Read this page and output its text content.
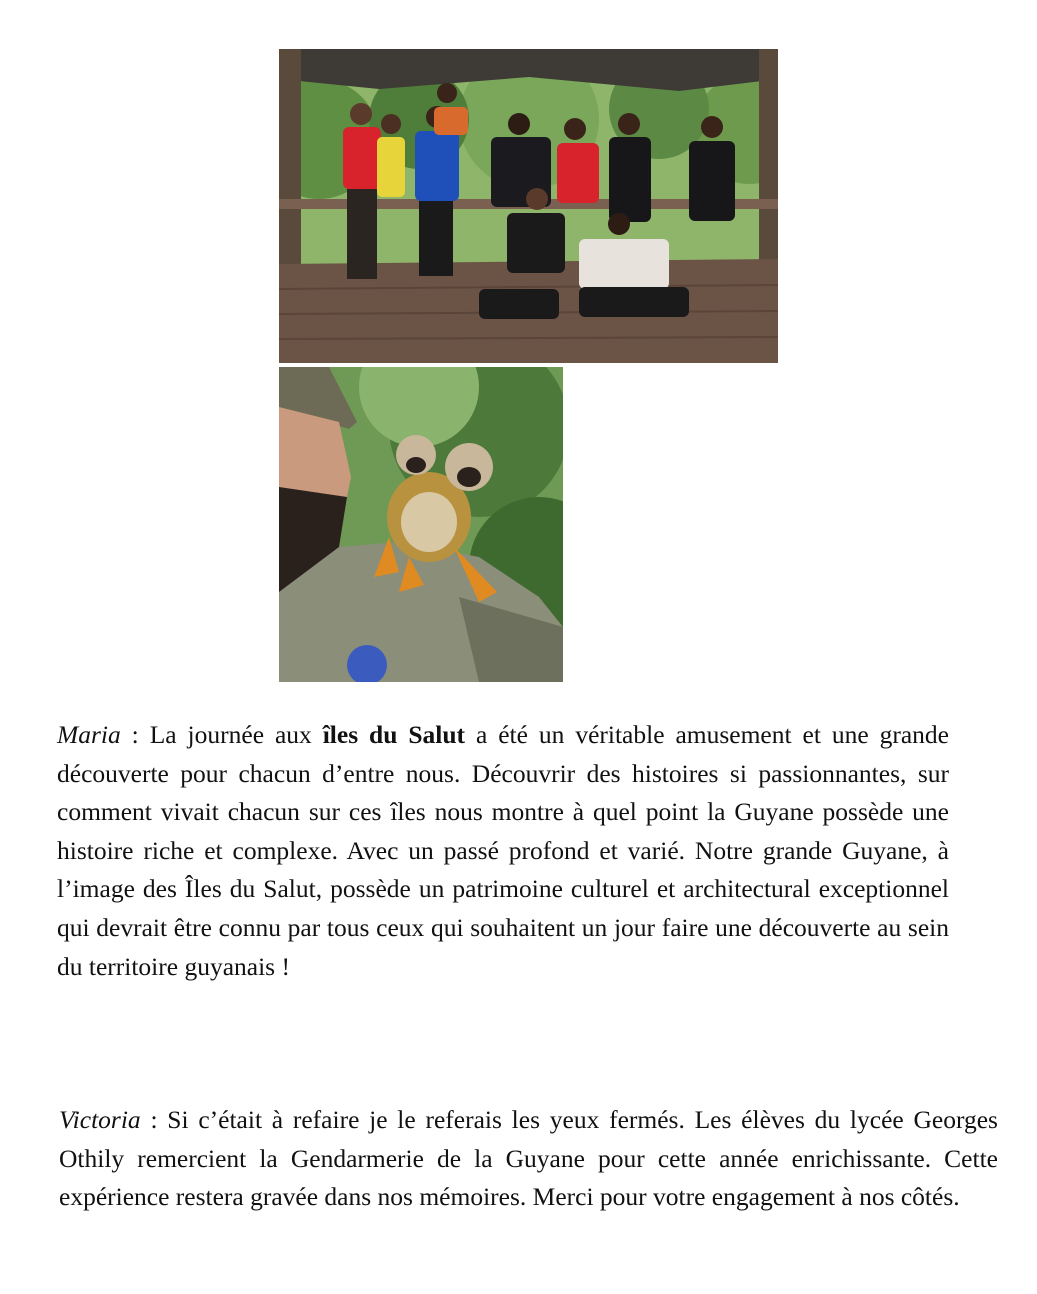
Maria : La journée aux îles du Salut a été un véritable amusement et une grande découverte pour chacun d’entre nous. Découvrir des histoires si passionnantes, sur comment vivait chacun sur ces îles nous montre à quel point la Guyane possède une histoire riche et complexe. Avec un passé profond et varié. Notre grande Guyane, à l’image des Îles du Salut, possède un patrimoine culturel et architectural exceptionnel qui devrait être connu par tous ceux qui souhaitent un jour faire une découverte au sein du territoire guyanais !

Victoria : Si c’était à refaire je le referais les yeux fermés. Les élèves du lycée Georges Othily remercient la Gendarmerie de la Guyane pour cette année enrichissante. Cette expérience restera gravée dans nos mémoires. Merci pour votre engagement à nos côtés.
